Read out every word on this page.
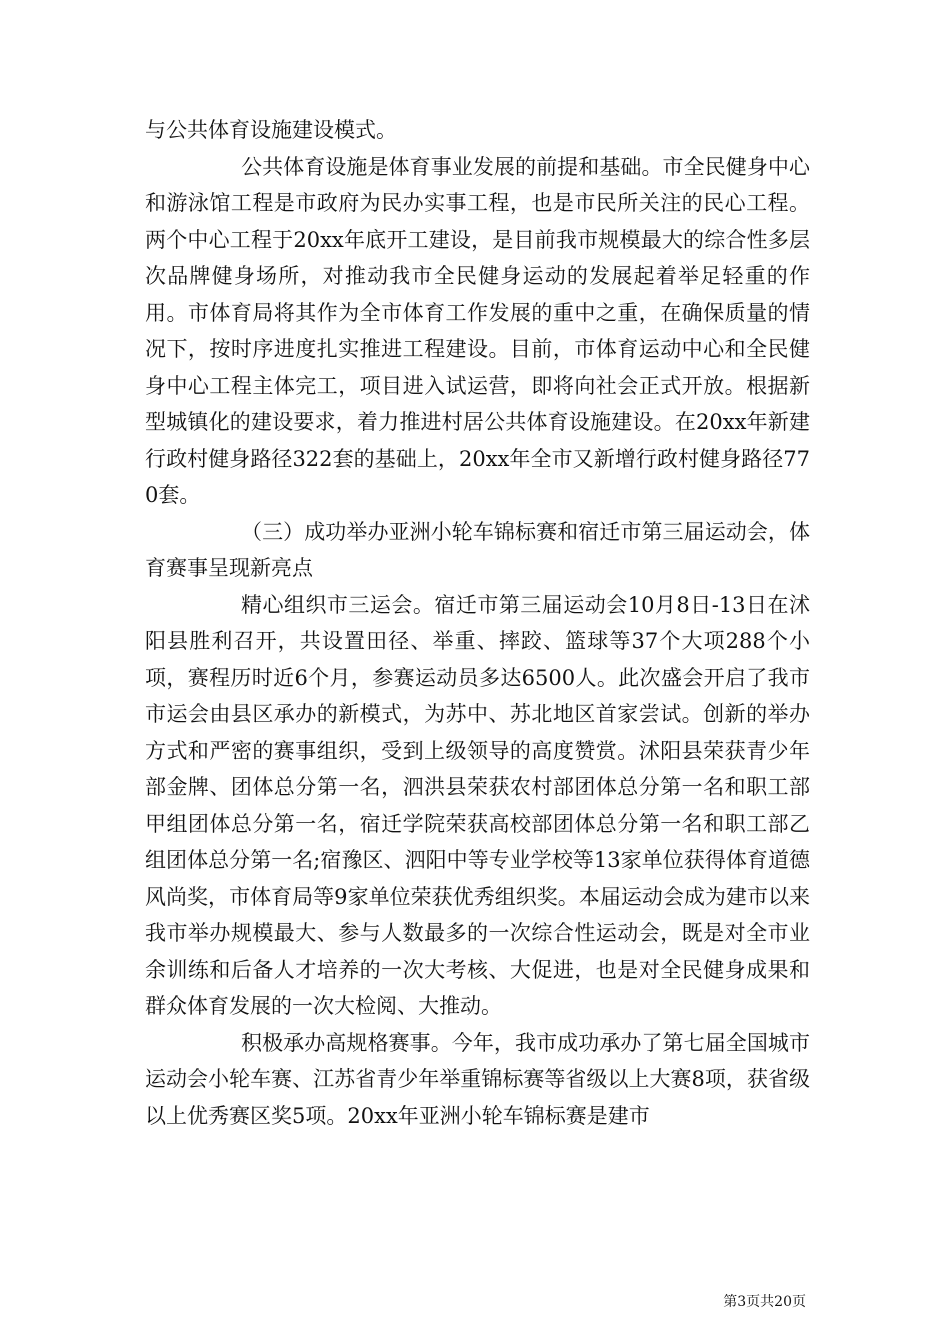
与公共体育设施建设模式。

公共体育设施是体育事业发展的前提和基础。市全民健身中心和游泳馆工程是市政府为民办实事工程，也是市民所关注的民心工程。两个中心工程于20xx年底开工建设，是目前我市规模最大的综合性多层次品牌健身场所，对推动我市全民健身运动的发展起着举足轻重的作用。市体育局将其作为全市体育工作发展的重中之重，在确保质量的情况下，按时序进度扎实推进工程建设。目前，市体育运动中心和全民健身中心工程主体完工，项目进入试运营，即将向社会正式开放。根据新型城镇化的建设要求，着力推进村居公共体育设施建设。在20xx年新建行政村健身路径322套的基础上，20xx年全市又新增行政村健身路径770套。

（三）成功举办亚洲小轮车锦标赛和宿迁市第三届运动会，体育赛事呈现新亮点

精心组织市三运会。宿迁市第三届运动会10月8日-13日在沭阳县胜利召开，共设置田径、举重、摔跤、篮球等37个大项288个小项，赛程历时近6个月，参赛运动员多达6500人。此次盛会开启了我市市运会由县区承办的新模式，为苏中、苏北地区首家尝试。创新的举办方式和严密的赛事组织，受到上级领导的高度赞赏。沭阳县荣获青少年部金牌、团体总分第一名，泗洪县荣获农村部团体总分第一名和职工部甲组团体总分第一名，宿迁学院荣获高校部团体总分第一名和职工部乙组团体总分第一名;宿豫区、泗阳中等专业学校等13家单位获得体育道德风尚奖，市体育局等9家单位荣获优秀组织奖。本届运动会成为建市以来我市举办规模最大、参与人数最多的一次综合性运动会，既是对全市业余训练和后备人才培养的一次大考核、大促进，也是对全民健身成果和群众体育发展的一次大检阅、大推动。

积极承办高规格赛事。今年，我市成功承办了第七届全国城市运动会小轮车赛、江苏省青少年举重锦标赛等省级以上大赛8项，获省级以上优秀赛区奖5项。20xx年亚洲小轮车锦标赛是建市

第3页共20页
